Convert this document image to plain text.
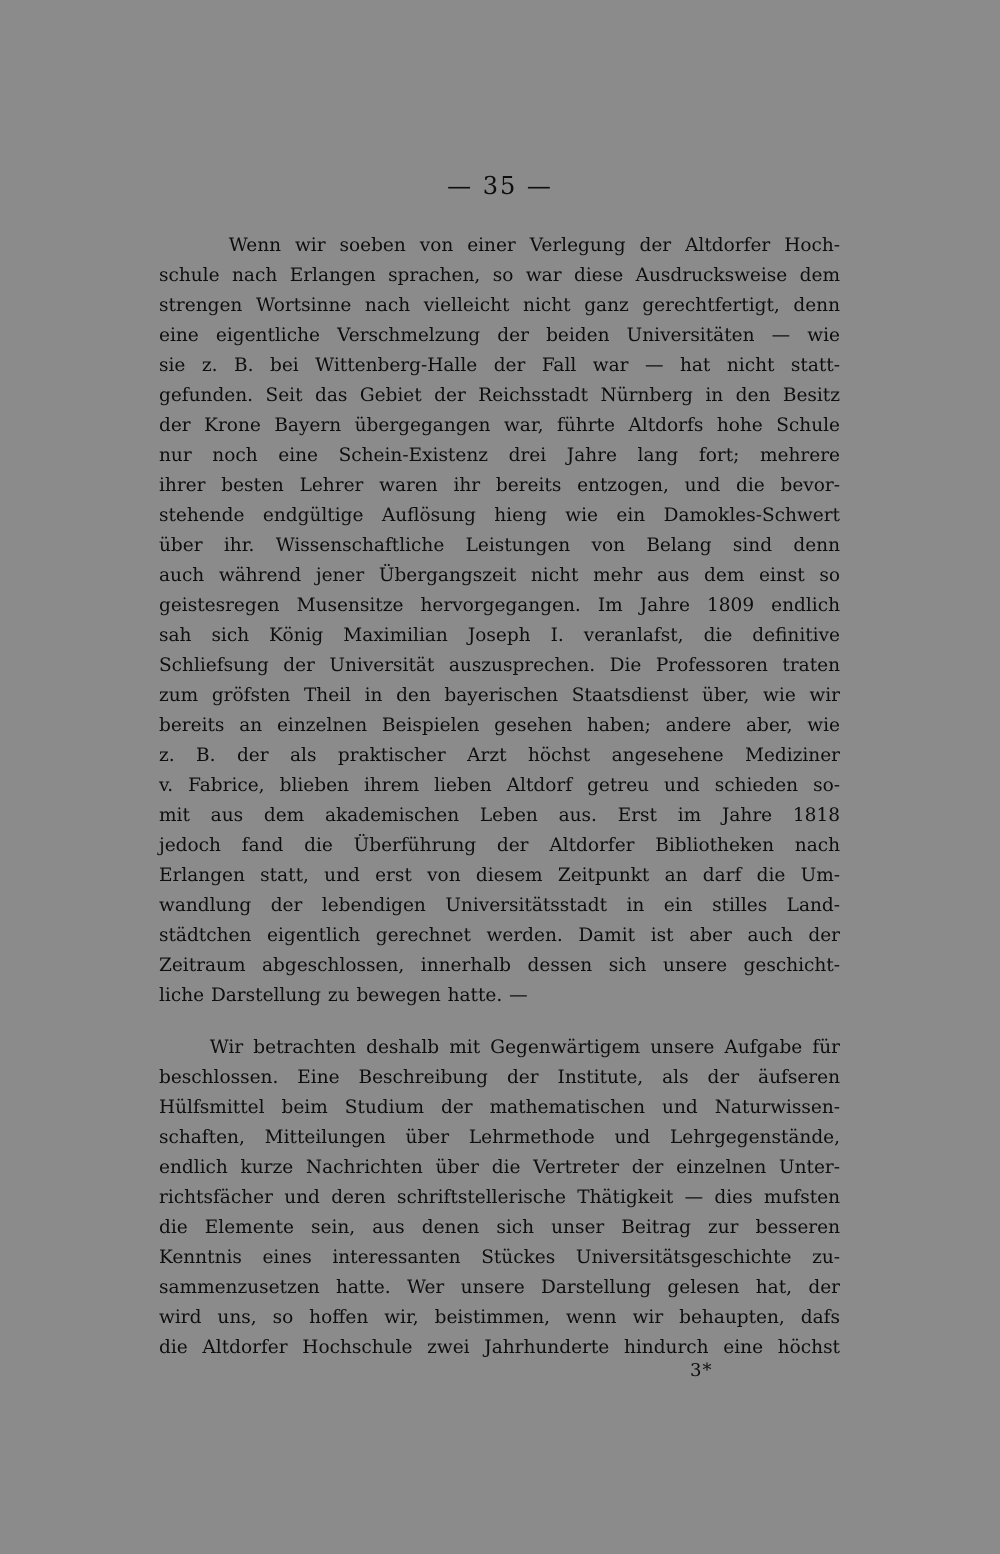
— 35 —
Wenn wir soeben von einer Verlegung der Altdorfer Hoch-
schule nach Erlangen sprachen, so war diese Ausdrucksweise dem
strengen Wortsinne nach vielleicht nicht ganz gerechtfertigt, denn
eine eigentliche Verschmelzung der beiden Universitäten — wie
sie z. B. bei Wittenberg-Halle der Fall war — hat nicht statt-
gefunden. Seit das Gebiet der Reichsstadt Nürnberg in den Besitz
der Krone Bayern übergegangen war, führte Altdorfs hohe Schule
nur noch eine Schein-Existenz drei Jahre lang fort; mehrere
ihrer besten Lehrer waren ihr bereits entzogen, und die bevor-
stehende endgültige Auflösung hieng wie ein Damokles-Schwert
über ihr. Wissenschaftliche Leistungen von Belang sind denn
auch während jener Übergangszeit nicht mehr aus dem einst so
geistesregen Musensitze hervorgegangen. Im Jahre 1809 endlich
sah sich König Maximilian Joseph I. veranlafst, die definitive
Schliefsung der Universität auszusprechen. Die Professoren traten
zum gröfsten Theil in den bayerischen Staatsdienst über, wie wir
bereits an einzelnen Beispielen gesehen haben; andere aber, wie
z. B. der als praktischer Arzt höchst angesehene Mediziner
v. Fabrice, blieben ihrem lieben Altdorf getreu und schieden so-
mit aus dem akademischen Leben aus. Erst im Jahre 1818
jedoch fand die Überführung der Altdorfer Bibliotheken nach
Erlangen statt, und erst von diesem Zeitpunkt an darf die Um-
wandlung der lebendigen Universitätsstadt in ein stilles Land-
städtchen eigentlich gerechnet werden. Damit ist aber auch der
Zeitraum abgeschlossen, innerhalb dessen sich unsere geschicht-
liche Darstellung zu bewegen hatte. —
Wir betrachten deshalb mit Gegenwärtigem unsere Aufgabe für
beschlossen. Eine Beschreibung der Institute, als der äufseren
Hülfsmittel beim Studium der mathematischen und Naturwissen-
schaften, Mitteilungen über Lehrmethode und Lehrgegenstände,
endlich kurze Nachrichten über die Vertreter der einzelnen Unter-
richtsfächer und deren schriftstellerische Thätigkeit — dies mufsten
die Elemente sein, aus denen sich unser Beitrag zur besseren
Kenntnis eines interessanten Stückes Universitätsgeschichte zu-
sammenzusetzen hatte. Wer unsere Darstellung gelesen hat, der
wird uns, so hoffen wir, beistimmen, wenn wir behaupten, dafs
die Altdorfer Hochschule zwei Jahrhunderte hindurch eine höchst
3*
